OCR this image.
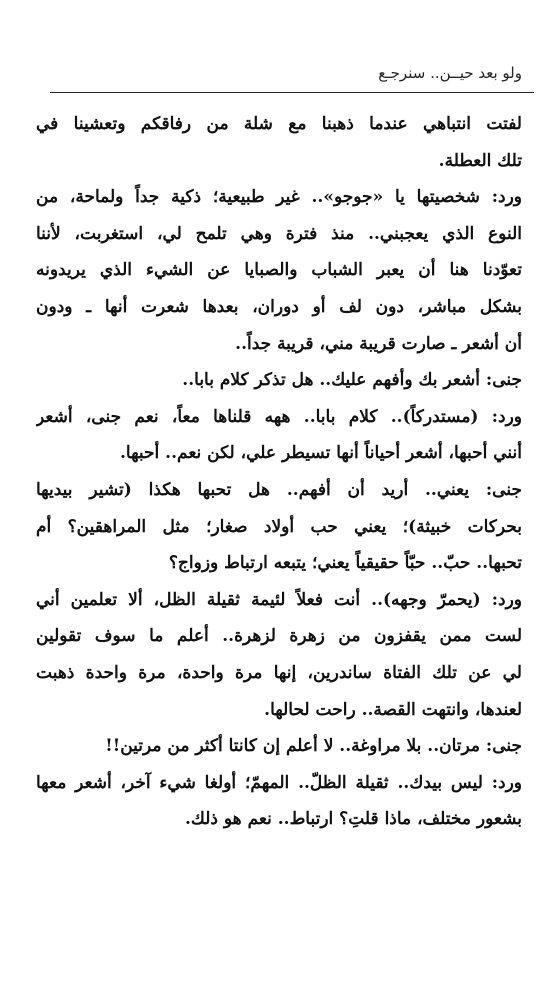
ولو بعد حيــن.. سنرجـع

لفتت انتباهي عندما ذهبنا مع شلة من رفاقكم وتعشينا في
تلك العطلة.

ورد: شخصيتها يا «جوجو».. غير طبيعية؛ ذكية جداً ولماحة، من
النوع الذي يعجبني.. منذ فترة وهي تلمح لي، استغربت، لأننا
تعوّدنا هنا أن يعبر الشباب والصبايا عن الشيء الذي يريدونه
بشكل مباشر، دون لف أو دوران، بعدها شعرت أنها ـ ودون
أن أشعر ـ صارت قريبة مني، قريبة جداً..

جنى: أشعر بك وأفهم عليك.. هل تذكر كلام بابا..

ورد: (مستدركاً).. كلام بابا.. ههه قلناها معاً، نعم جنى، أشعر
أنني أحبها، أشعر أحياناً أنها تسيطر علي، لكن نعم.. أحبها.

جنى: يعني.. أريد أن أفهم.. هل تحبها هكذا (تشير بيديها
بحركات خبيثة)؛ يعني حب أولاد صغار؛ مثل المراهقين؟ أم
تحبها.. حبّ.. حبّاً حقيقياً يعني؛ يتبعه ارتباط وزواج؟

ورد: (يحمرّ وجهه).. أنت فعلاً لئيمة ثقيلة الظل، ألا تعلمين أني
لست ممن يقفزون من زهرة لزهرة.. أعلم ما سوف تقولين
لي عن تلك الفتاة ساندرين، إنها مرة واحدة، مرة واحدة ذهبت
لعندها، وانتهت القصة.. راحت لحالها.

جنى: مرتان.. بلا مراوغة.. لا أعلم إن كانتا أكثر من مرتين!!

ورد: ليس بيدك.. ثقيلة الظلّ.. المهمّ؛ أولغا شيء آخر، أشعر معها
بشعور مختلف، ماذا قلتِ؟ ارتباط.. نعم هو ذلك.
